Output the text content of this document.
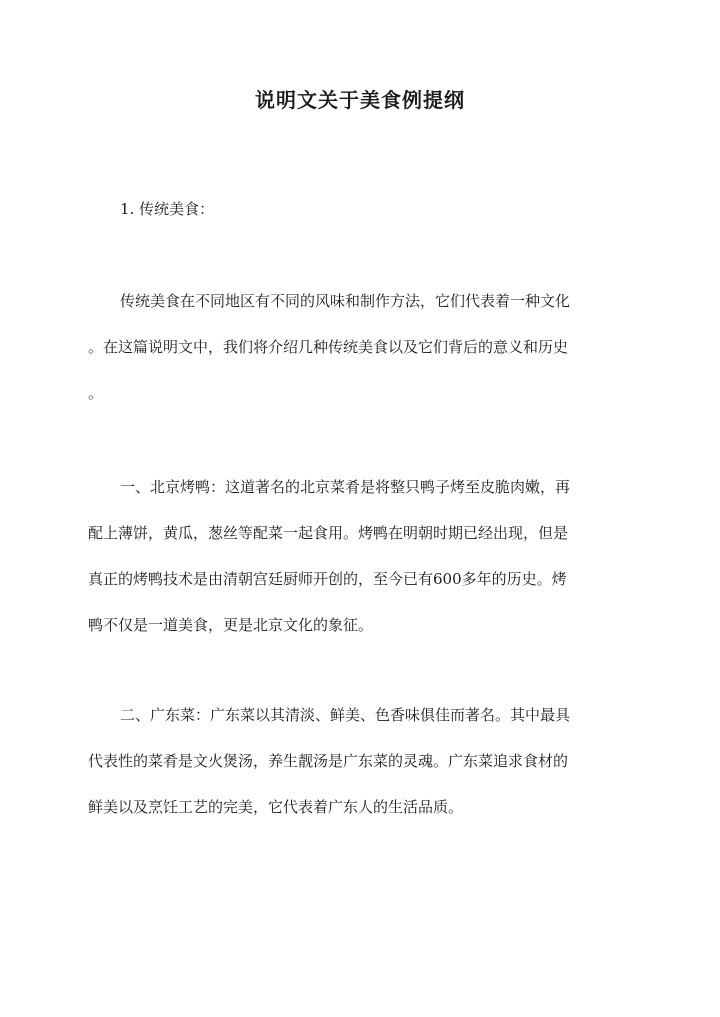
说明文关于美食例提纲
1. 传统美食：
传统美食在不同地区有不同的风味和制作方法，它们代表着一种文化
。在这篇说明文中，我们将介绍几种传统美食以及它们背后的意义和历史
。
一、北京烤鸭：这道著名的北京菜肴是将整只鸭子烤至皮脆肉嫩，再
配上薄饼，黄瓜，葱丝等配菜一起食用。烤鸭在明朝时期已经出现，但是
真正的烤鸭技术是由清朝宫廷厨师开创的，至今已有600多年的历史。烤
鸭不仅是一道美食，更是北京文化的象征。
二、广东菜：广东菜以其清淡、鲜美、色香味俱佳而著名。其中最具
代表性的菜肴是文火煲汤，养生靓汤是广东菜的灵魂。广东菜追求食材的
鲜美以及烹饪工艺的完美，它代表着广东人的生活品质。
